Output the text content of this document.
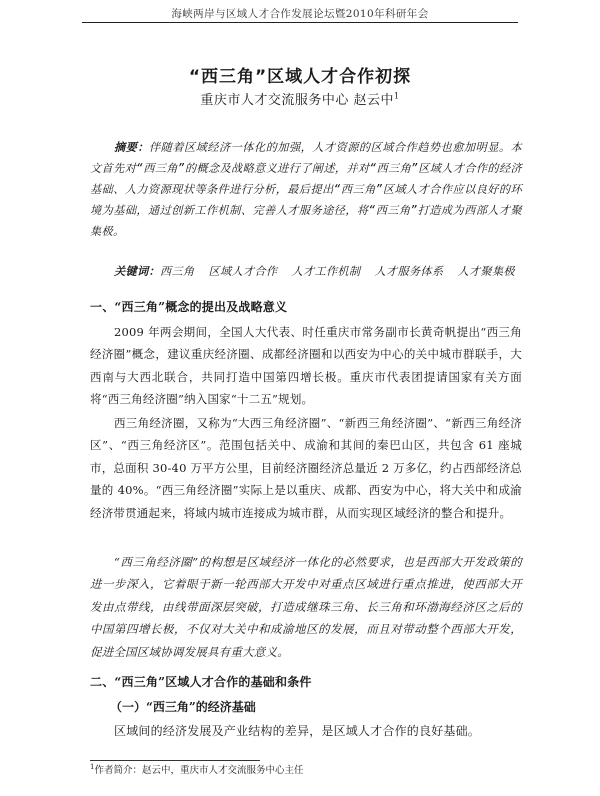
海峡两岸与区域人才合作发展论坛暨2010年科研年会
“西三角”区域人才合作初探
重庆市人才交流服务中心 赵云中$^1$

摘要：伴随着区域经济一体化的加强，人才资源的区域合作趋势也愈加明显。本文首先对“西三角”的概念及战略意义进行了阐述，并对“西三角”区域人才合作的经济基础、人力资源现状等条件进行分析，最后提出“西三角”区域人才合作应以良好的环境为基础，通过创新工作机制、完善人才服务途径，将“西三角”打造成为西部人才聚集极。

关键词：西三角  区域人才合作  人才工作机制  人才服务体系  人才聚集极

一、“西三角”概念的提出及战略意义

2009 年两会期间，全国人大代表、时任重庆市常务副市长黄奇帆提出“西三角经济圈”概念，建议重庆经济圈、成都经济圈和以西安为中心的关中城市群联手，大西南与大西北联合，共同打造中国第四增长极。重庆市代表团提请国家有关方面将“西三角经济圈”纳入国家“十二五”规划。

西三角经济圈，又称为“大西三角经济圈”、“新西三角经济圈”、“新西三角经济区”、“西三角经济区”。范围包括关中、成渝和其间的秦巴山区，共包含 61 座城市，总面积 30-40 万平方公里，目前经济圈经济总量近 2 万多亿，约占西部经济总量的 40%。“西三角经济圈”实际上是以重庆、成都、西安为中心，将大关中和成渝经济带贯通起来，将域内城市连接成为城市群，从而实现区域经济的整合和提升。

“西三角经济圈”的构想是区域经济一体化的必然要求，也是西部大开发政策的进一步深入，它着眼于新一轮西部大开发中对重点区域进行重点推进，使西部大开发由点带线，由线带面深层突破，打造成继珠三角、长三角和环渤海经济区之后的中国第四增长极，不仅对大关中和成渝地区的发展，而且对带动整个西部大开发，促进全国区域协调发展具有重大意义。

二、“西三角”区域人才合作的基础和条件
（一）“西三角”的经济基础

区域间的经济发展及产业结构的差异，是区域人才合作的良好基础。

$^1$作者简介：赵云中，重庆市人才交流服务中心主任
